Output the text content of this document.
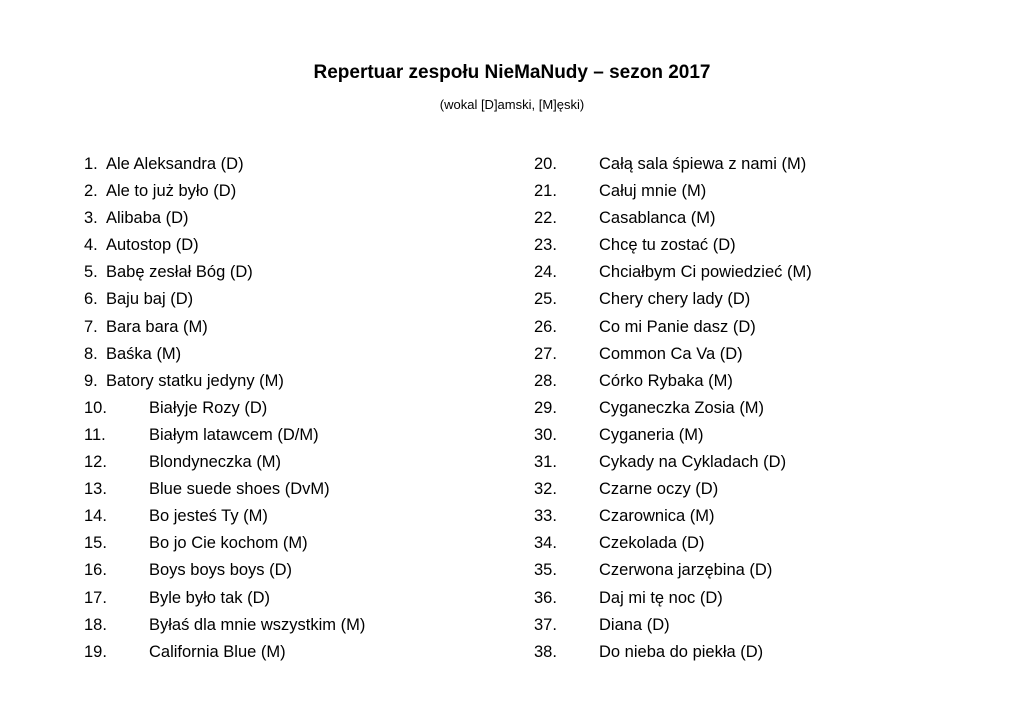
Repertuar zespołu NieMaNudy – sezon 2017
(wokal [D]amski, [M]ęski)
1. Ale Aleksandra (D)
2. Ale to już było (D)
3. Alibaba (D)
4. Autostop (D)
5. Babę zesłał Bóg (D)
6. Baju baj (D)
7. Bara bara (M)
8. Baśka (M)
9. Batory statku jedyny (M)
10.	Białyje Rozy (D)
11.	Białym latawcem (D/M)
12.	Blondyneczka (M)
13.	Blue suede shoes (DvM)
14.	Bo jesteś Ty (M)
15.	Bo jo Cie kochom (M)
16.	Boys boys boys (D)
17.	Byle było tak (D)
18.	Byłaś dla mnie wszystkim (M)
19.	California Blue (M)
20.	Całą sala śpiewa z nami (M)
21.	Całuj mnie (M)
22.	Casablanca (M)
23.	Chcę tu zostać (D)
24.	Chciałbym Ci powiedzieć (M)
25.	Chery chery lady (D)
26.	Co mi Panie dasz (D)
27.	Common Ca Va (D)
28.	Córko Rybaka (M)
29.	Cyganeczka Zosia (M)
30.	Cyganeria (M)
31.	Cykady na Cykladach (D)
32.	Czarne oczy (D)
33.	Czarownica (M)
34.	Czekolada (D)
35.	Czerwona jarzębina (D)
36.	Daj mi tę noc (D)
37.	Diana (D)
38.	Do nieba do piekła (D)
